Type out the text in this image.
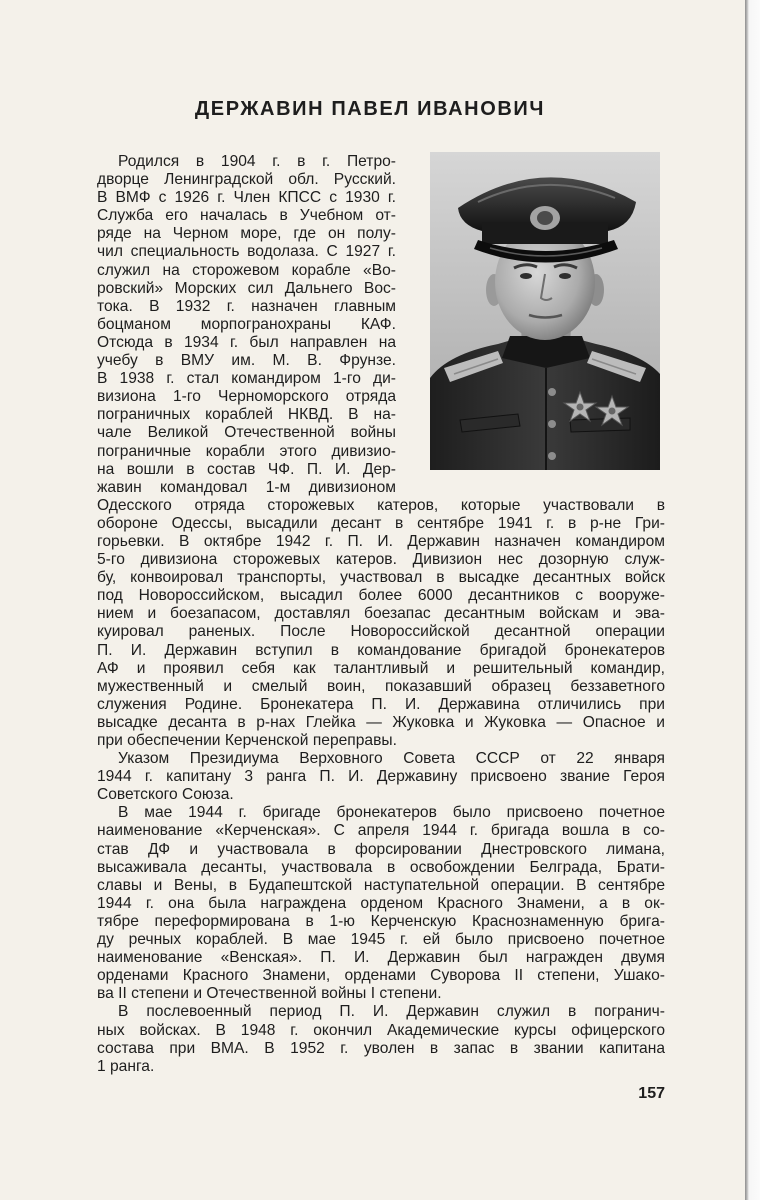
ДЕРЖАВИН ПАВЕЛ ИВАНОВИЧ
Родился в 1904 г. в г. Петро-
дворце Ленинградской обл. Русский.
В ВМФ с 1926 г. Член КПСС с 1930 г.
Служба его началась в Учебном от-
ряде на Черном море, где он полу-
чил специальность водолаза. С 1927 г.
служил на сторожевом корабле «Во-
ровский» Морских сил Дальнего Вос-
тока. В 1932 г. назначен главным
боцманом морпогранохраны КАФ.
Отсюда в 1934 г. был направлен на
учебу в ВМУ им. М. В. Фрунзе.
В 1938 г. стал командиром 1-го ди-
визиона 1-го Черноморского отряда
пограничных кораблей НКВД. В на-
чале Великой Отечественной войны
пограничные корабли этого дивизио-
на вошли в состав ЧФ. П. И. Дер-
жавин командовал 1-м дивизионом
Одесского отряда сторожевых катеров, которые участвовали в
обороне Одессы, высадили десант в сентябре 1941 г. в р-не Гри-
горьевки. В октябре 1942 г. П. И. Державин назначен командиром
5-го дивизиона сторожевых катеров. Дивизион нес дозорную служ-
бу, конвоировал транспорты, участвовал в высадке десантных войск
под Новороссийском, высадил более 6000 десантников с вооруже-
нием и боезапасом, доставлял боезапас десантным войскам и эва-
куировал раненых. После Новороссийской десантной операции
П. И. Державин вступил в командование бригадой бронекатеров
АФ и проявил себя как талантливый и решительный командир,
мужественный и смелый воин, показавший образец беззаветного
служения Родине. Бронекатера П. И. Державина отличились при
высадке десанта в р-нах Глейка — Жуковка и Жуковка — Опасное и
при обеспечении Керченской переправы.
Указом Президиума Верховного Совета СССР от 22 января
1944 г. капитану 3 ранга П. И. Державину присвоено звание Героя
Советского Союза.
В мае 1944 г. бригаде бронекатеров было присвоено почетное
наименование «Керченская». С апреля 1944 г. бригада вошла в со-
став ДФ и участвовала в форсировании Днестровского лимана,
высаживала десанты, участвовала в освобождении Белграда, Брати-
славы и Вены, в Будапештской наступательной операции. В сентябре
1944 г. она была награждена орденом Красного Знамени, а в ок-
тябре переформирована в 1-ю Керченскую Краснознаменную брига-
ду речных кораблей. В мае 1945 г. ей было присвоено почетное
наименование «Венская». П. И. Державин был награжден двумя
орденами Красного Знамени, орденами Суворова II степени, Ушако-
ва II степени и Отечественной войны I степени.
В послевоенный период П. И. Державин служил в погранич-
ных войсках. В 1948 г. окончил Академические курсы офицерского
состава при ВМА. В 1952 г. уволен в запас в звании капитана
1 ранга.
157
